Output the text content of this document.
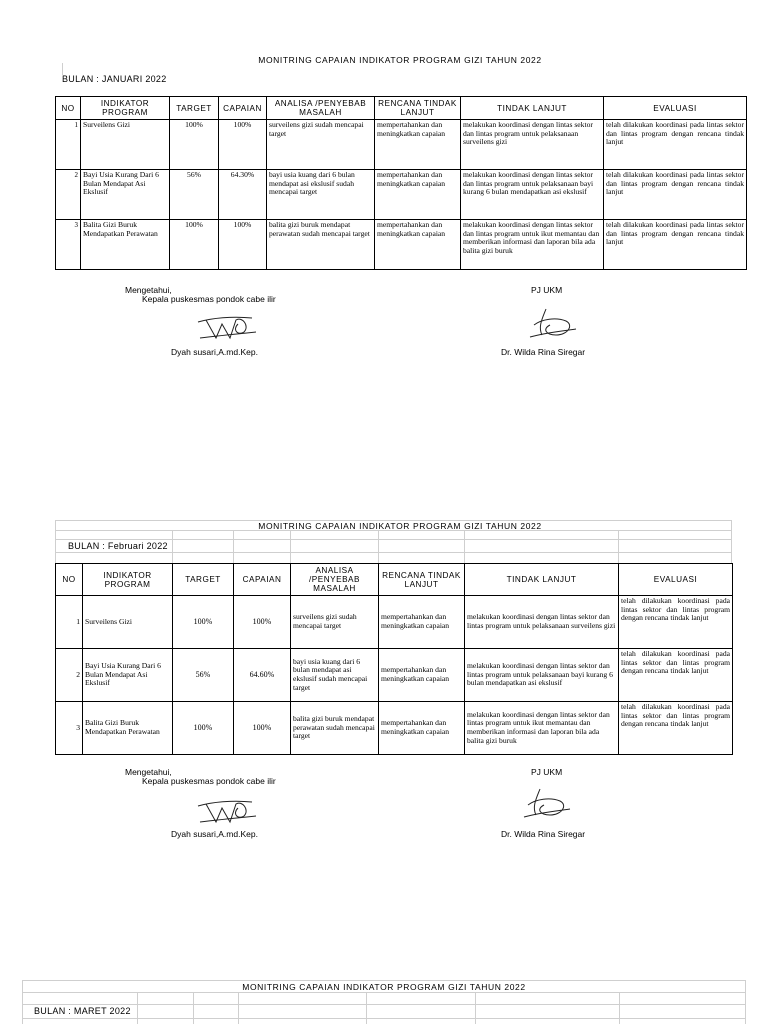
MONITRING CAPAIAN INDIKATOR PROGRAM GIZI TAHUN 2022
BULAN : JANUARI 2022
NO	INDIKATOR PROGRAM	TARGET	CAPAIAN	ANALISA /PENYEBAB MASALAH	RENCANA TINDAK LANJUT	TINDAK LANJUT	EVALUASI
1	Surveilens Gizi	100%	100%	surveilens gizi sudah mencapai target	mempertahankan dan meningkatkan capaian	melakukan koordinasi dengan lintas sektor dan lintas program untuk pelaksanaan surveilens gizi	telah dilakukan koordinasi pada lintas sektor dan lintas program dengan rencana tindak lanjut
2	Bayi Usia Kurang Dari 6 Bulan Mendapat Asi Ekslusif	56%	64.30%	bayi usia kuang dari 6 bulan mendapat asi ekslusif sudah mencapai target	mempertahankan dan meningkatkan capaian	melakukan koordinasi dengan lintas sektor dan lintas program untuk pelaksanaan bayi kurang 6 bulan mendapatkan asi ekslusif	telah dilakukan koordinasi pada lintas sektor dan lintas program dengan rencana tindak lanjut
3	Balita Gizi Buruk Mendapatkan Perawatan	100%	100%	balita gizi buruk mendapat perawatan sudah mencapai target	mempertahankan dan meningkatkan capaian	melakukan koordinasi dengan lintas sektor dan lintas program untuk ikut memantau dan memberikan informasi dan laporan bila ada balita gizi buruk	telah dilakukan koordinasi pada lintas sektor dan lintas program dengan rencana tindak lanjut
Mengetahui,
Kepala puskesmas pondok cabe ilir
Dyah susari,A.md.Kep.
PJ UKM
Dr. Wilda Rina Siregar
MONITRING CAPAIAN INDIKATOR PROGRAM GIZI TAHUN 2022
BULAN : Februari 2022
NO	INDIKATOR PROGRAM	TARGET	CAPAIAN	ANALISA /PENYEBAB MASALAH	RENCANA TINDAK LANJUT	TINDAK LANJUT	EVALUASI
1	Surveilens Gizi	100%	100%	surveilens gizi sudah mencapai target	mempertahankan dan meningkatkan capaian	melakukan koordinasi dengan lintas sektor dan lintas program untuk pelaksanaan surveilens gizi	telah dilakukan koordinasi pada lintas sektor dan lintas program dengan rencana tindak lanjut
2	Bayi Usia Kurang Dari 6 Bulan Mendapat Asi Ekslusif	56%	64.60%	bayi usia kuang dari 6 bulan mendapat asi ekslusif sudah mencapai target	mempertahankan dan meningkatkan capaian	melakukan koordinasi dengan lintas sektor dan lintas program untuk pelaksanaan bayi kurang 6 bulan mendapatkan asi ekslusif	telah dilakukan koordinasi pada lintas sektor dan lintas program dengan rencana tindak lanjut
3	Balita Gizi Buruk Mendapatkan Perawatan	100%	100%	balita gizi buruk mendapat perawatan sudah mencapai target	mempertahankan dan meningkatkan capaian	melakukan koordinasi dengan lintas sektor dan lintas program untuk ikut memantau dan memberikan informasi dan laporan bila ada balita gizi buruk	telah dilakukan koordinasi pada lintas sektor dan lintas program dengan rencana tindak lanjut
Mengetahui,
Kepala puskesmas pondok cabe ilir
Dyah susari,A.md.Kep.
PJ UKM
Dr. Wilda Rina Siregar
MONITRING CAPAIAN INDIKATOR PROGRAM GIZI TAHUN 2022
BULAN : MARET 2022
